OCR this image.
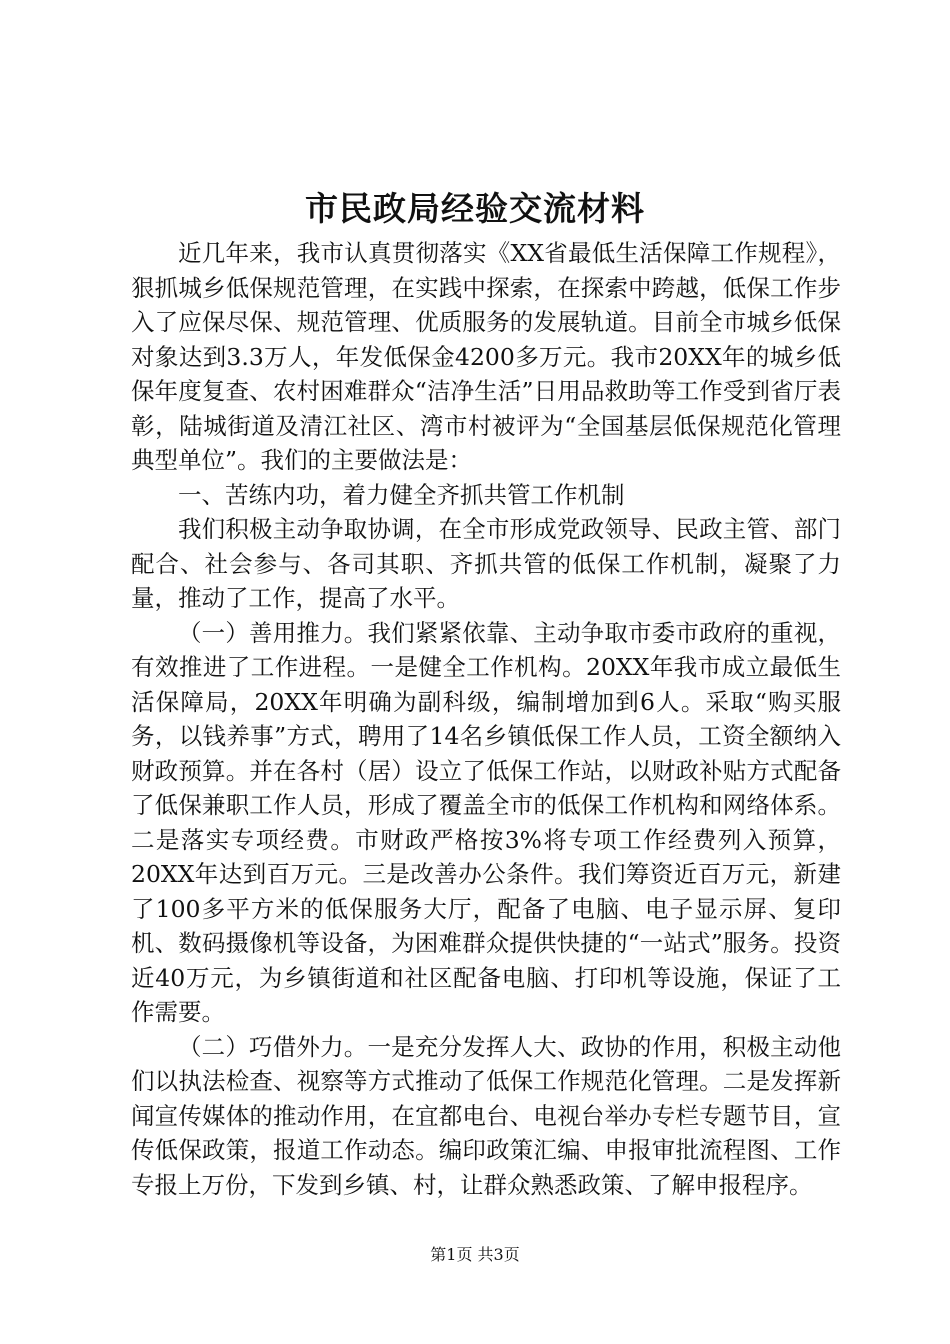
市民政局经验交流材料

近几年来，我市认真贯彻落实《XX省最低生活保障工作规程》，狠抓城乡低保规范管理，在实践中探索，在探索中跨越，低保工作步入了应保尽保、规范管理、优质服务的发展轨道。目前全市城乡低保对象达到3.3万人，年发低保金4200多万元。我市20XX年的城乡低保年度复查、农村困难群众“洁净生活”日用品救助等工作受到省厅表彰，陆城街道及清江社区、湾市村被评为“全国基层低保规范化管理典型单位”。我们的主要做法是：

一、苦练内功，着力健全齐抓共管工作机制

我们积极主动争取协调，在全市形成党政领导、民政主管、部门配合、社会参与、各司其职、齐抓共管的低保工作机制，凝聚了力量，推动了工作，提高了水平。

（一）善用推力。我们紧紧依靠、主动争取市委市政府的重视，有效推进了工作进程。一是健全工作机构。20XX年我市成立最低生活保障局，20XX年明确为副科级，编制增加到6人。采取“购买服务，以钱养事”方式，聘用了14名乡镇低保工作人员，工资全额纳入财政预算。并在各村（居）设立了低保工作站，以财政补贴方式配备了低保兼职工作人员，形成了覆盖全市的低保工作机构和网络体系。二是落实专项经费。市财政严格按3%将专项工作经费列入预算，20XX年达到百万元。三是改善办公条件。我们筹资近百万元，新建了100多平方米的低保服务大厅，配备了电脑、电子显示屏、复印机、数码摄像机等设备，为困难群众提供快捷的“一站式”服务。投资近40万元，为乡镇街道和社区配备电脑、打印机等设施，保证了工作需要。

（二）巧借外力。一是充分发挥人大、政协的作用，积极主动他们以执法检查、视察等方式推动了低保工作规范化管理。二是发挥新闻宣传媒体的推动作用，在宜都电台、电视台举办专栏专题节目，宣传低保政策，报道工作动态。编印政策汇编、申报审批流程图、工作专报上万份，下发到乡镇、村，让群众熟悉政策、了解申报程序。

第1页 共3页
